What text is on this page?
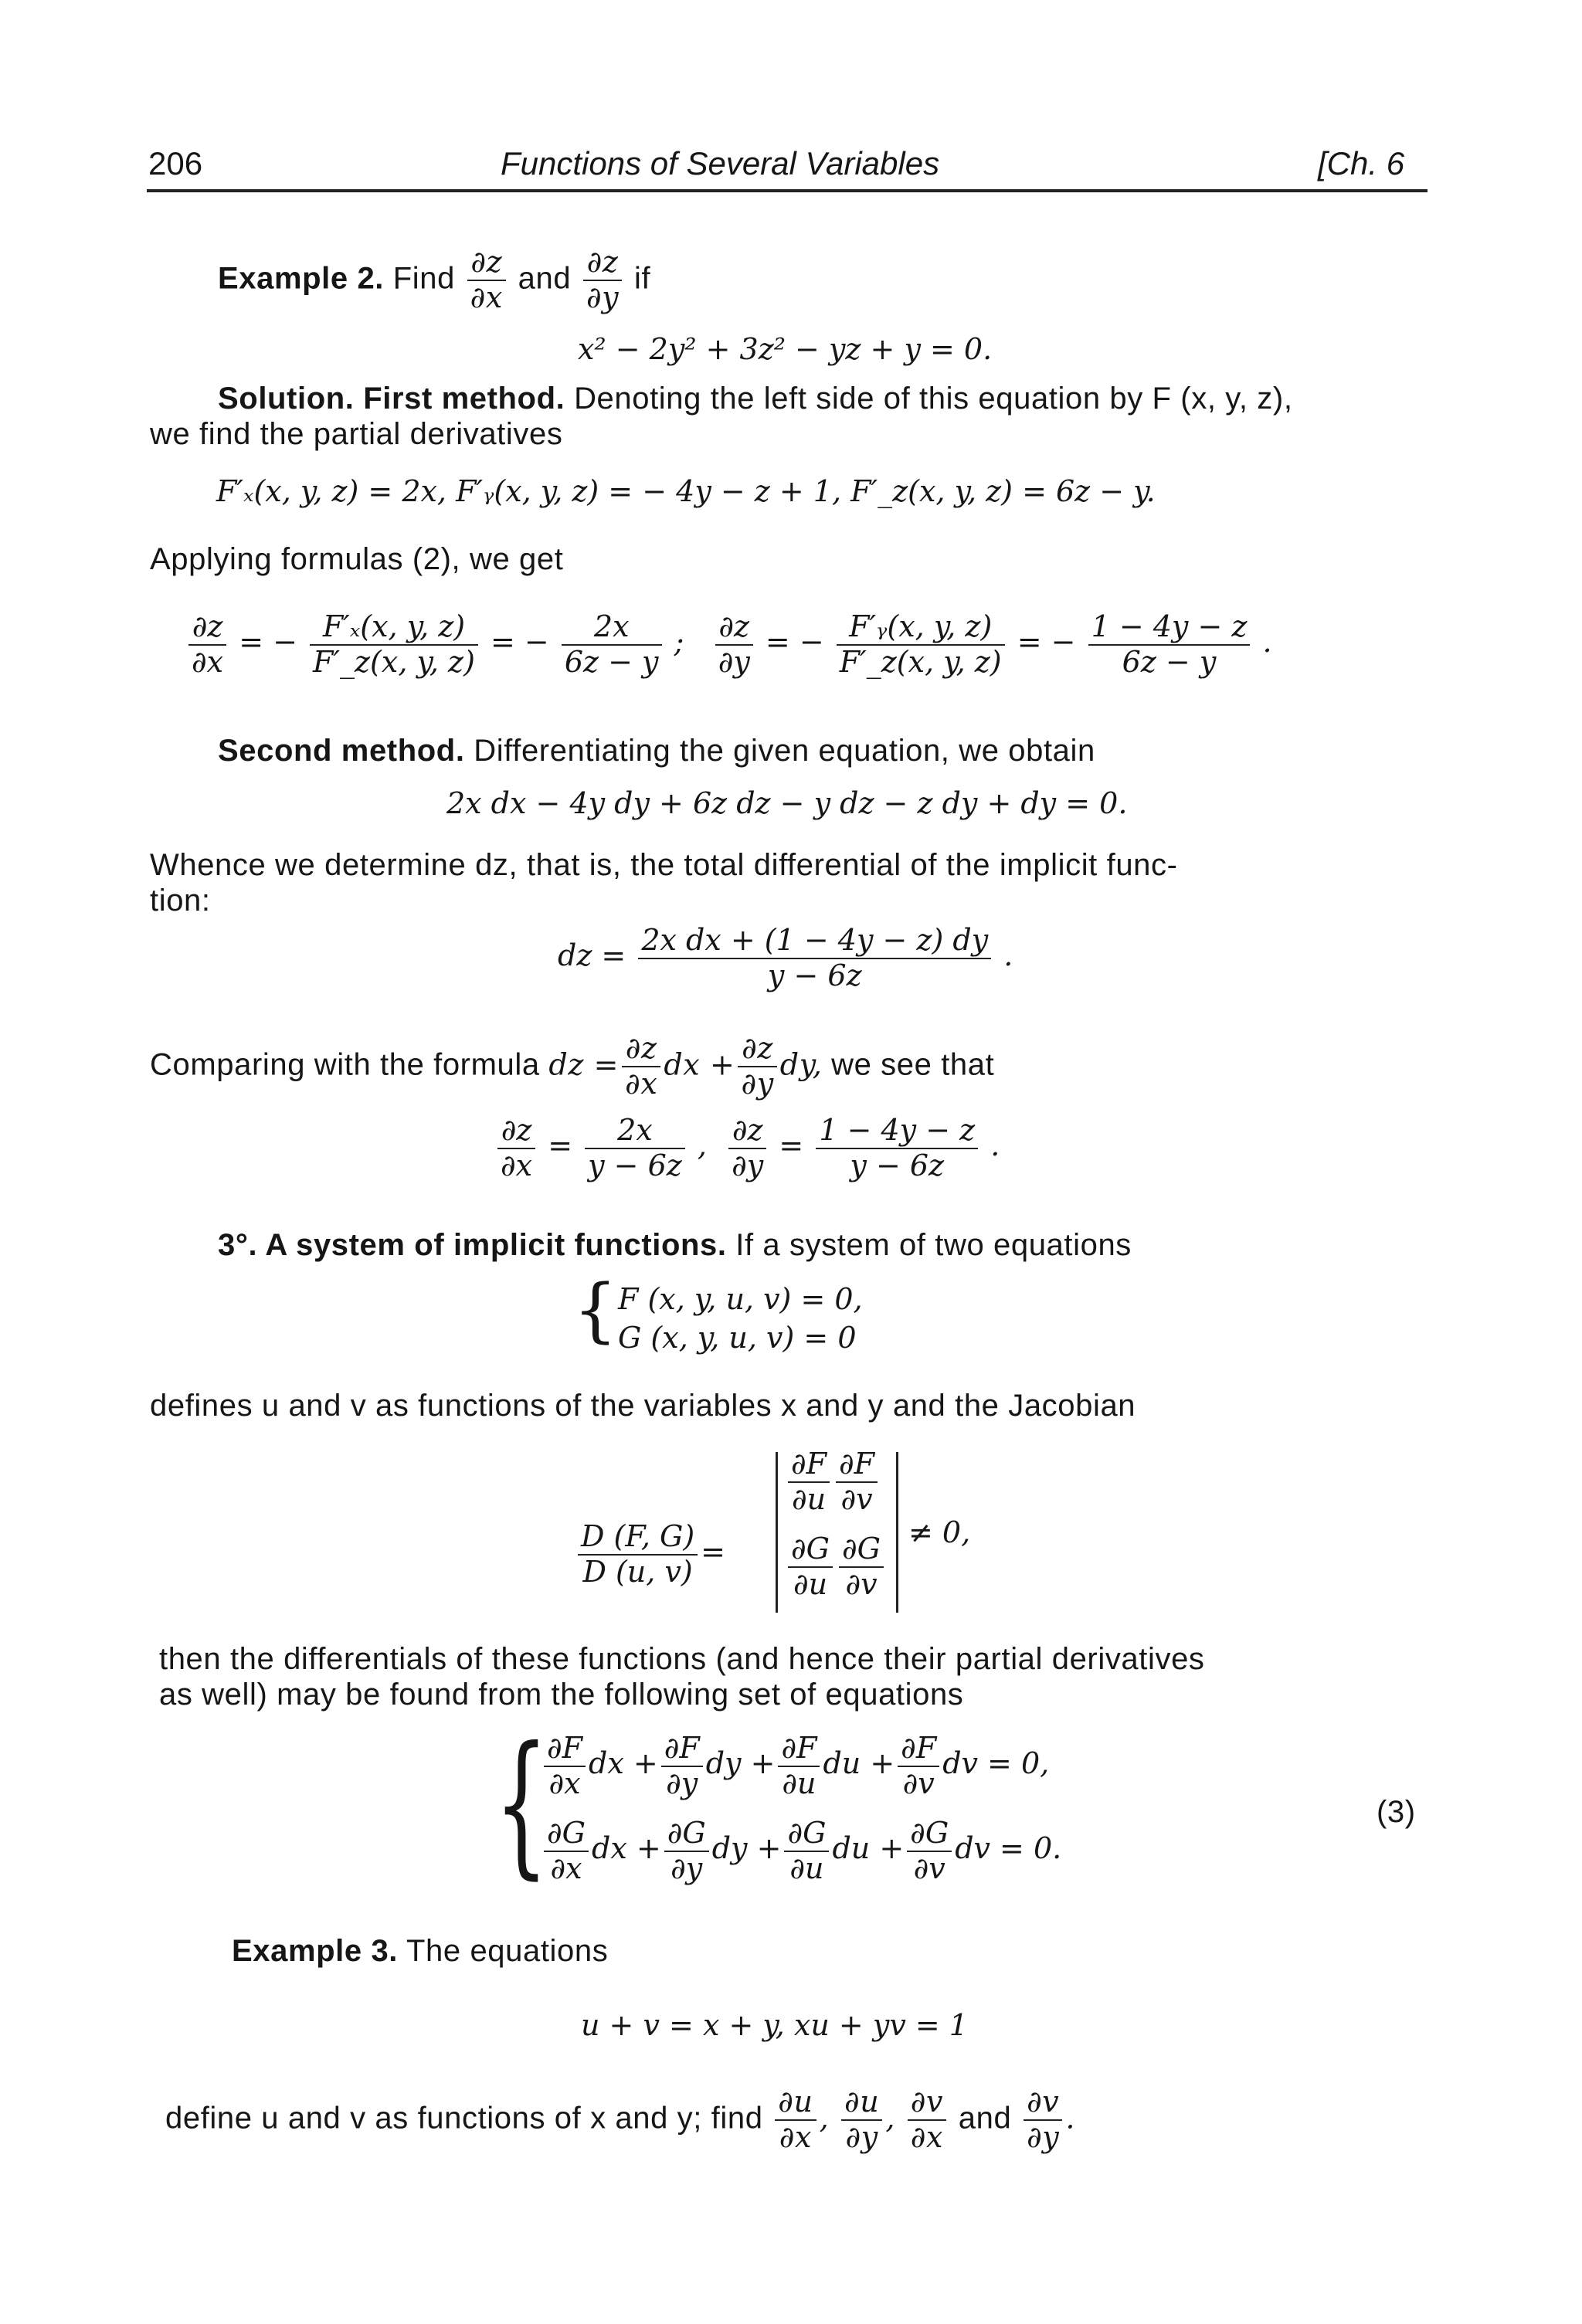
206	Functions of Several Variables	[Ch. 6
Example 2. Find $\frac{\partial z}{\partial x}$ and $\frac{\partial z}{\partial y}$ if
x² − 2y² + 3z² − yz + y = 0.
Solution. First method. Denoting the left side of this equation by F (x, y, z),
we find the partial derivatives
F′ₓ(x, y, z) = 2x, F′ᵧ(x, y, z) = − 4y − z + 1, F′_z(x, y, z) = 6z − y.
Applying formulas (2), we get
$\frac{\partial z}{\partial x}$ = − $\frac{\text{F′ₓ(x, y, z)}}{F'\_z(x, y, z)}$ = − $\frac{2x}{6z - y}$ ; $\frac{\partial z}{\partial y}$ = − $\frac{\text{F′ᵧ(x, y, z)}}{F'\_z(x, y, z)}$ = − $\frac{1 - 4y - z}{6z - y}$ .
Second method. Differentiating the given equation, we obtain
2x dx − 4y dy + 6z dz − y dz − z dy + dy = 0.
Whence we determine dz, that is, the total differential of the implicit func-
tion:
dz = $\frac{\text{2x dx + (1 − 4y − z) dy}}{y - 6z}$ .
Comparing with the formula dz = $\frac{\partial z}{\partial x}$ dx + $\frac{\partial z}{\partial y}$ dy, we see that
$\frac{\partial z}{\partial x} = \frac{2x}{y - 6z}$ , $\frac{\partial z}{\partial y} = \frac{1 - 4y - z}{y - 6z}$ .
3°. A system of implicit functions. If a system of two equations
{ F (x, y, u, v) = 0,
G (x, y, u, v) = 0
defines u and v as functions of the variables x and y and the Jacobian
$\frac{D (F, G)}{D (u, v)}$ =
$\frac{\partial F}{\partial u} \frac{\partial F}{\partial v}$
$\frac{\partial G}{\partial u} \frac{\partial G}{\partial v} \ne 0$,
then the differentials of these functions (and hence their partial derivatives
as well) may be found from the following set of equations
{
$\frac{\partial F}{\partial x}$ dx + $\frac{\partial F}{\partial y}$ dy + $\frac{\partial F}{\partial u}$ du + $\frac{\partial F}{\partial v}$ dv = 0,
$\frac{\partial G}{\partial x}$ dx + $\frac{\partial G}{\partial y}$ dy + $\frac{\partial G}{\partial u}$ du + $\frac{\partial G}{\partial v}$ dv = 0.
(3)
Example 3. The equations
u + v = x + y, xu + yv = 1
define u and v as functions of x and y; find $\frac{\partial u}{\partial x}$ , $\frac{\partial u}{\partial y}$ , $\frac{\partial v}{\partial x}$ and $\frac{\partial v}{\partial y}$ .
